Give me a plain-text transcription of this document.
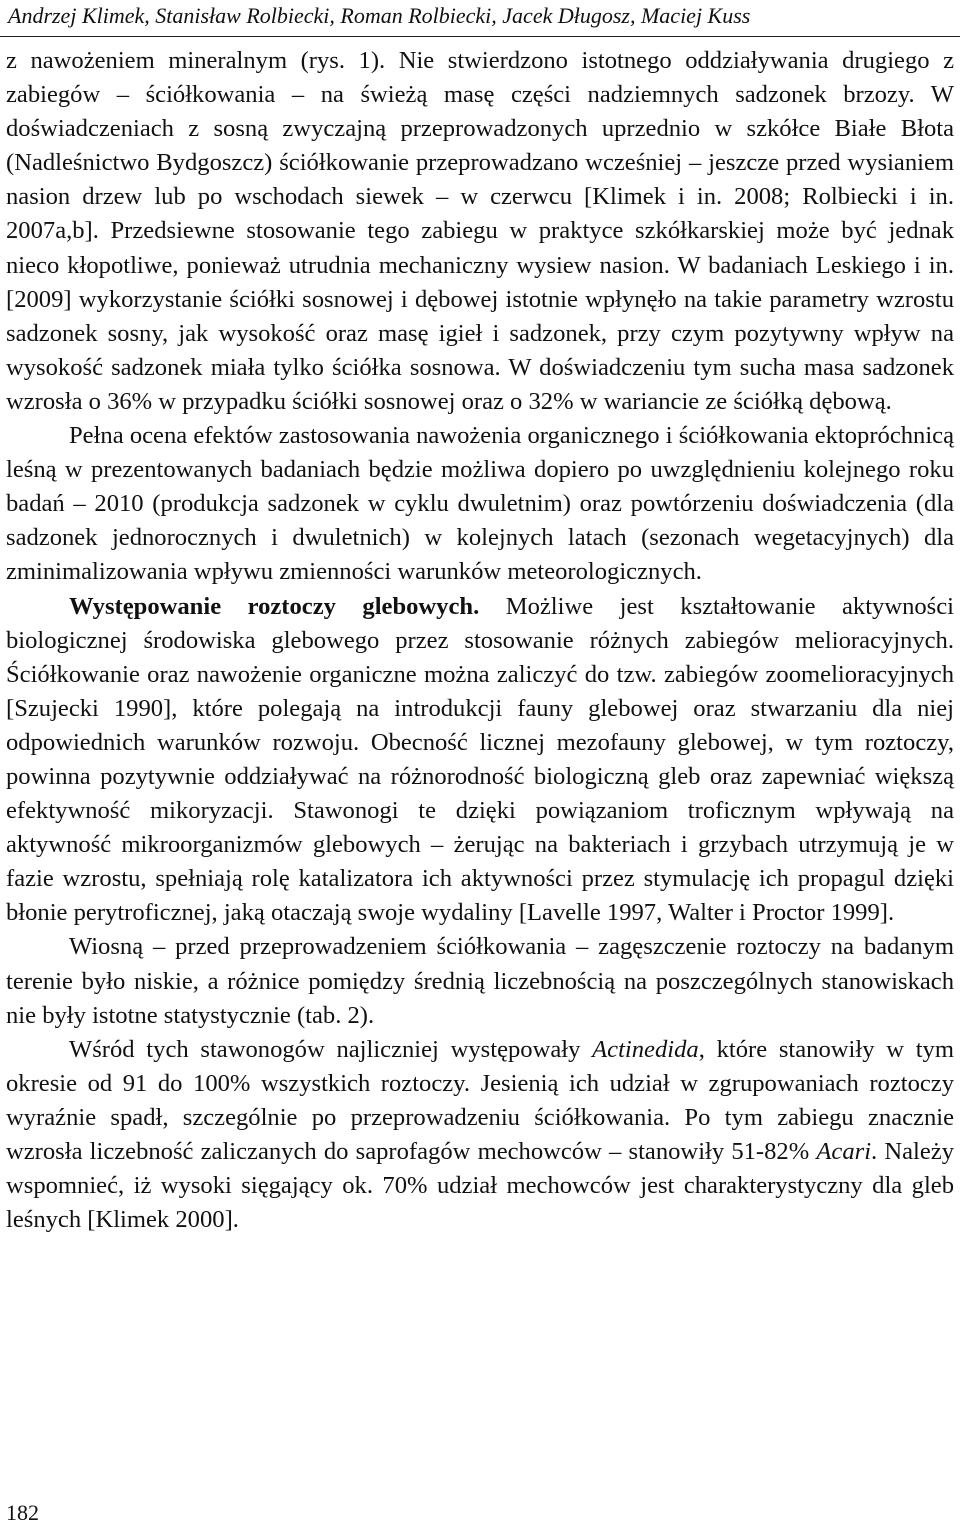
Andrzej Klimek, Stanisław Rolbiecki, Roman Rolbiecki, Jacek Długosz, Maciej Kuss

z nawożeniem mineralnym (rys. 1). Nie stwierdzono istotnego oddziaływania drugiego z zabiegów – ściółkowania – na świeżą masę części nadziemnych sadzonek brzozy. W doświadczeniach z sosną zwyczajną przeprowadzonych uprzednio w szkółce Białe Błota (Nadleśnictwo Bydgoszcz) ściółkowanie przeprowadzano wcześniej – jeszcze przed wysianiem nasion drzew lub po wschodach siewek – w czerwcu [Klimek i in. 2008; Rolbiecki i in. 2007a,b]. Przedsiewne stosowanie tego zabiegu w praktyce szkółkarskiej może być jednak nieco kłopotliwe, ponieważ utrudnia mechaniczny wysiew nasion. W badaniach Leskiego i in. [2009] wykorzystanie ściółki sosnowej i dębowej istotnie wpłynęło na takie parametry wzrostu sadzonek sosny, jak wysokość oraz masę igieł i sadzonek, przy czym pozytywny wpływ na wysokość sadzonek miała tylko ściółka sosnowa. W doświadczeniu tym sucha masa sadzonek wzrosła o 36% w przypadku ściółki sosnowej oraz o 32% w wariancie ze ściółką dębową.

Pełna ocena efektów zastosowania nawożenia organicznego i ściółkowania ektopróchnicą leśną w prezentowanych badaniach będzie możliwa dopiero po uwzględnieniu kolejnego roku badań – 2010 (produkcja sadzonek w cyklu dwuletnim) oraz powtórzeniu doświadczenia (dla sadzonek jednorocznych i dwuletnich) w kolejnych latach (sezonach wegetacyjnych) dla zminimalizowania wpływu zmienności warunków meteorologicznych.

Występowanie roztoczy glebowych. Możliwe jest kształtowanie aktywności biologicznej środowiska glebowego przez stosowanie różnych zabiegów melioracyjnych. Ściółkowanie oraz nawożenie organiczne można zaliczyć do tzw. zabiegów zoomelioracyjnych [Szujecki 1990], które polegają na introdukcji fauny glebowej oraz stwarzaniu dla niej odpowiednich warunków rozwoju. Obecność licznej mezofauny glebowej, w tym roztoczy, powinna pozytywnie oddziaływać na różnorodność biologiczną gleb oraz zapewniać większą efektywność mikoryzacji. Stawonogi te dzięki powiązaniom troficznym wpływają na aktywność mikroorganizmów glebowych – żerując na bakteriach i grzybach utrzymują je w fazie wzrostu, spełniają rolę katalizatora ich aktywności przez stymulację ich propagul dzięki błonie perytroficznej, jaką otaczają swoje wydaliny [Lavelle 1997, Walter i Proctor 1999].

Wiosną – przed przeprowadzeniem ściółkowania – zagęszczenie roztoczy na badanym terenie było niskie, a różnice pomiędzy średnią liczebnością na poszczególnych stanowiskach nie były istotne statystycznie (tab. 2).

Wśród tych stawonogów najliczniej występowały Actinedida, które stanowiły w tym okresie od 91 do 100% wszystkich roztoczy. Jesienią ich udział w zgrupowaniach roztoczy wyraźnie spadł, szczególnie po przeprowadzeniu ściółkowania. Po tym zabiegu znacznie wzrosła liczebność zaliczanych do saprofagów mechowców – stanowiły 51-82% Acari. Należy wspomnieć, iż wysoki sięgający ok. 70% udział mechowców jest charakterystyczny dla gleb leśnych [Klimek 2000].

182
